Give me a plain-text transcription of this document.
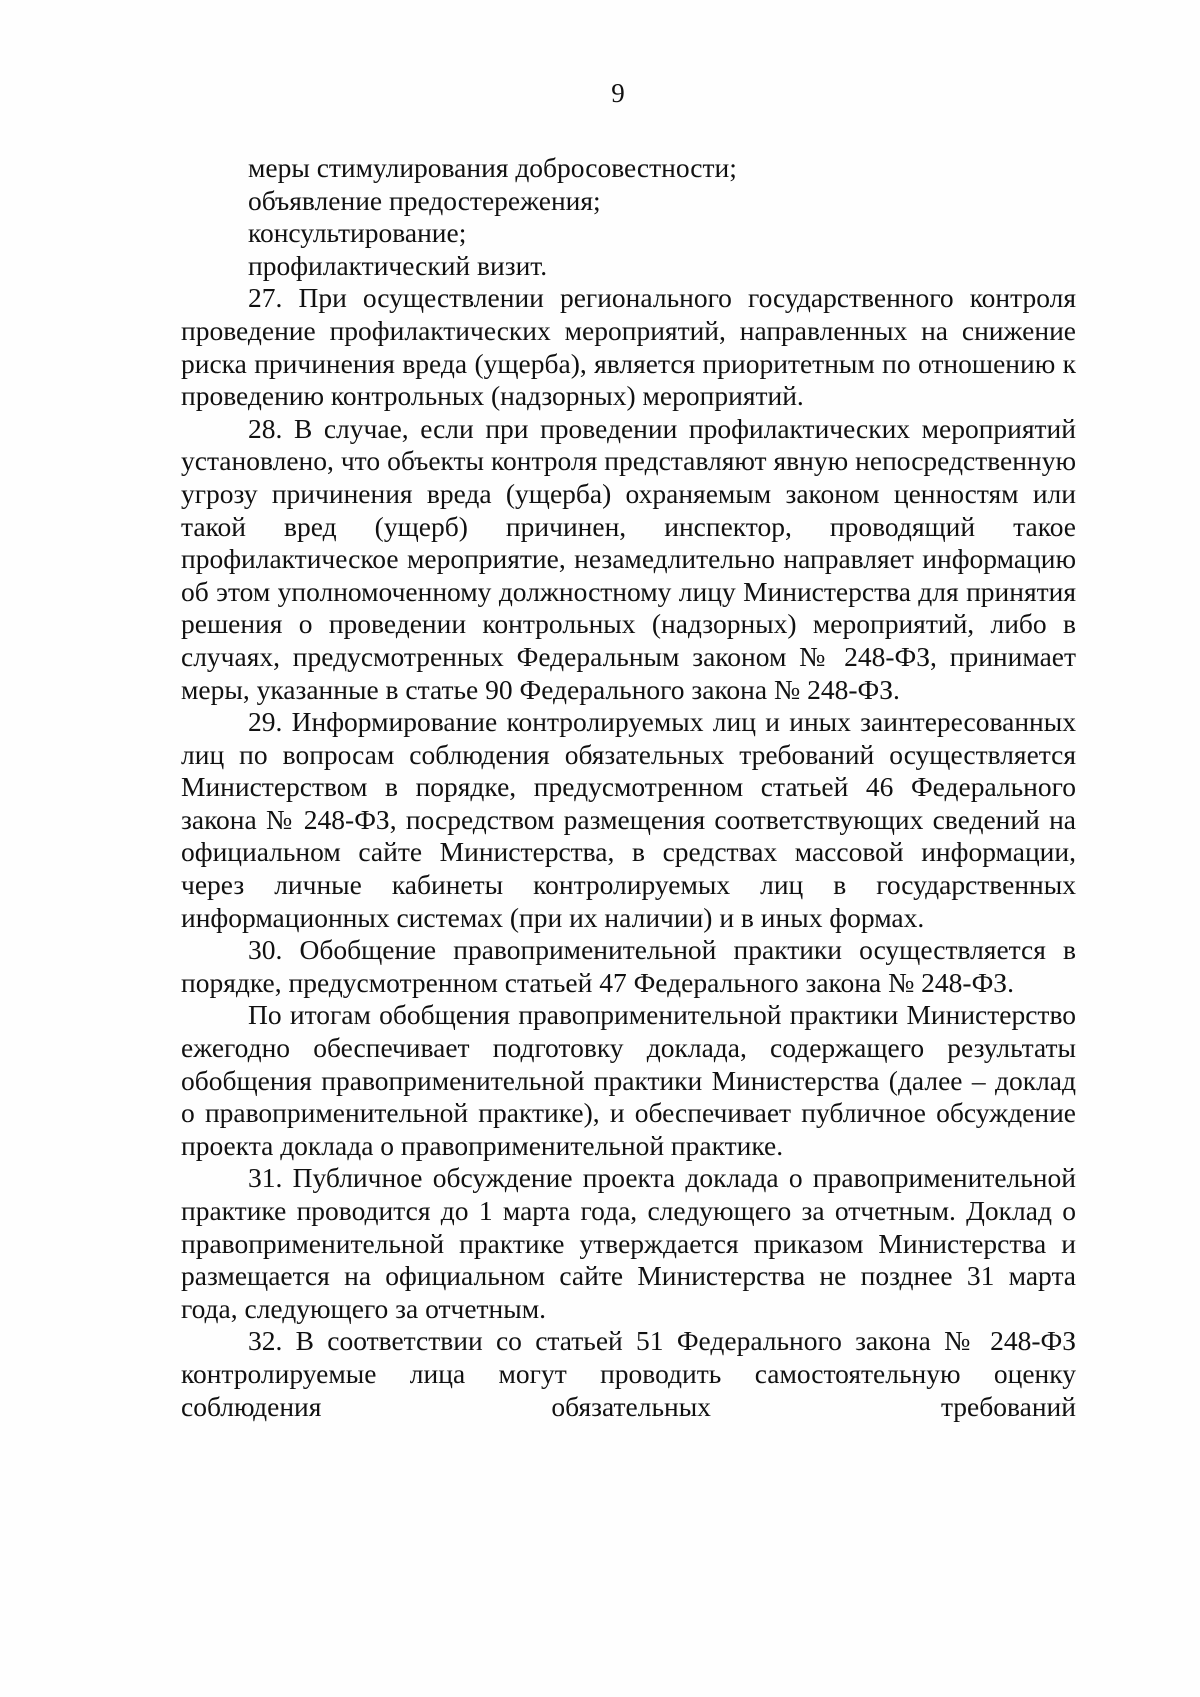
9

меры стимулирования добросовестности;

объявление предостережения;

консультирование;

профилактический визит.

27. При осуществлении регионального государственного контроля проведение профилактических мероприятий, направленных на снижение риска причинения вреда (ущерба), является приоритетным по отношению к проведению контрольных (надзорных) мероприятий.

28. В случае, если при проведении профилактических мероприятий установлено, что объекты контроля представляют явную непосредственную угрозу причинения вреда (ущерба) охраняемым законом ценностям или такой вред (ущерб) причинен, инспектор, проводящий такое профилактическое мероприятие, незамедлительно направляет информацию об этом уполномоченному должностному лицу Министерства для принятия решения о проведении контрольных (надзорных) мероприятий, либо в случаях, предусмотренных Федеральным законом № 248-ФЗ, принимает меры, указанные в статье 90 Федерального закона № 248-ФЗ.

29. Информирование контролируемых лиц и иных заинтересованных лиц по вопросам соблюдения обязательных требований осуществляется Министерством в порядке, предусмотренном статьей 46 Федерального закона № 248-ФЗ, посредством размещения соответствующих сведений на официальном сайте Министерства, в средствах массовой информации, через личные кабинеты контролируемых лиц в государственных информационных системах (при их наличии) и в иных формах.

30. Обобщение правоприменительной практики осуществляется в порядке, предусмотренном статьей 47 Федерального закона № 248-ФЗ.

По итогам обобщения правоприменительной практики Министерство ежегодно обеспечивает подготовку доклада, содержащего результаты обобщения правоприменительной практики Министерства (далее – доклад о правоприменительной практике), и обеспечивает публичное обсуждение проекта доклада о правоприменительной практике.

31. Публичное обсуждение проекта доклада о правоприменительной практике проводится до 1 марта года, следующего за отчетным. Доклад о правоприменительной практике утверждается приказом Министерства и размещается на официальном сайте Министерства не позднее 31 марта года, следующего за отчетным.

32. В соответствии со статьей 51 Федерального закона № 248-ФЗ контролируемые лица могут проводить самостоятельную оценку соблюдения обязательных требований
